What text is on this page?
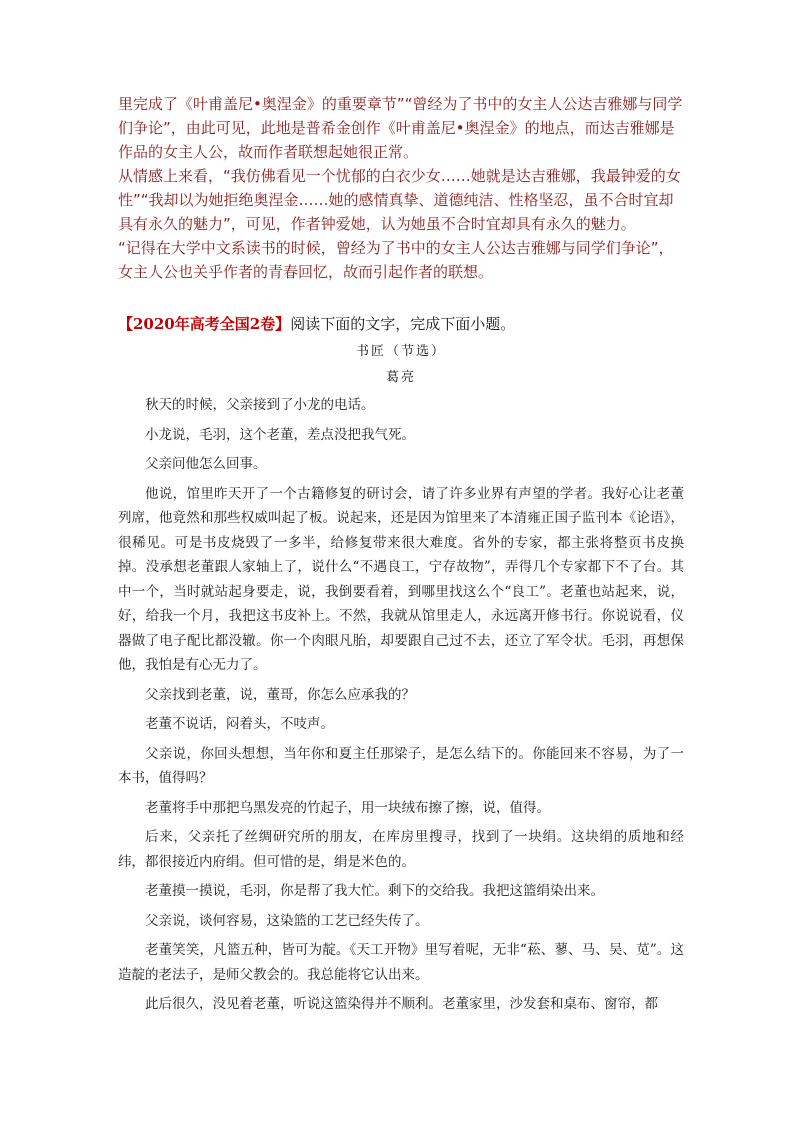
里完成了《叶甫盖尼•奥涅金》的重要章节”“曾经为了书中的女主人公达吉雅娜与同学们争论”，由此可见，此地是普希金创作《叶甫盖尼•奥涅金》的地点，而达吉雅娜是作品的女主人公，故而作者联想起她很正常。

从情感上来看，“我仿佛看见一个忧郁的白衣少女……她就是达吉雅娜，我最钟爱的女性”“我却以为她拒绝奥涅金……她的感情真挚、道德纯洁、性格坚忍，虽不合时宜却具有永久的魅力”，可见，作者钟爱她，认为她虽不合时宜却具有永久的魅力。

“记得在大学中文系读书的时候，曾经为了书中的女主人公达吉雅娜与同学们争论”，女主人公也关乎作者的青春回忆，故而引起作者的联想。

【2020年高考全国2卷】阅读下面的文字，完成下面小题。
书匠（节选）
葛亮

秋天的时候，父亲接到了小龙的电话。

小龙说，毛羽，这个老董，差点没把我气死。

父亲问他怎么回事。

他说，馆里昨天开了一个古籍修复的研讨会，请了许多业界有声望的学者。我好心让老董列席，他竟然和那些权威叫起了板。说起来，还是因为馆里来了本清雍正国子监刊本《论语》，很稀见。可是书皮烧毁了一多半，给修复带来很大难度。省外的专家，都主张将整页书皮换掉。没承想老董跟人家轴上了，说什么“不遇良工，宁存故物”，弄得几个专家都下不了台。其中一个，当时就站起身要走，说，我倒要看着，到哪里找这么个“良工”。老董也站起来，说，好，给我一个月，我把这书皮补上。不然，我就从馆里走人，永远离开修书行。你说说看，仪器做了电子配比都没辙。你一个肉眼凡胎，却要跟自己过不去，还立了军令状。毛羽，再想保他，我怕是有心无力了。

父亲找到老董，说，董哥，你怎么应承我的？

老董不说话，闷着头，不吱声。

父亲说，你回头想想，当年你和夏主任那梁子，是怎么结下的。你能回来不容易，为了一本书，值得吗？

老董将手中那把乌黑发亮的竹起子，用一块绒布擦了擦，说，值得。

后来，父亲托了丝绸研究所的朋友，在库房里搜寻，找到了一块绢。这块绢的质地和经纬，都很接近内府绢。但可惜的是，绢是米色的。

老董摸一摸说，毛羽，你是帮了我大忙。剩下的交给我。我把这篮绢染出来。

父亲说，谈何容易，这染篮的工艺已经失传了。

老董笑笑，凡篮五种，皆可为靛。《天工开物》里写着呢，无非“菘、蓼、马、吴、苋”。这造靛的老法子，是师父教会的。我总能将它认出来。

此后很久，没见着老董，听说这篮染得并不顺利。老董家里，沙发套和桌布、窗帘，都
